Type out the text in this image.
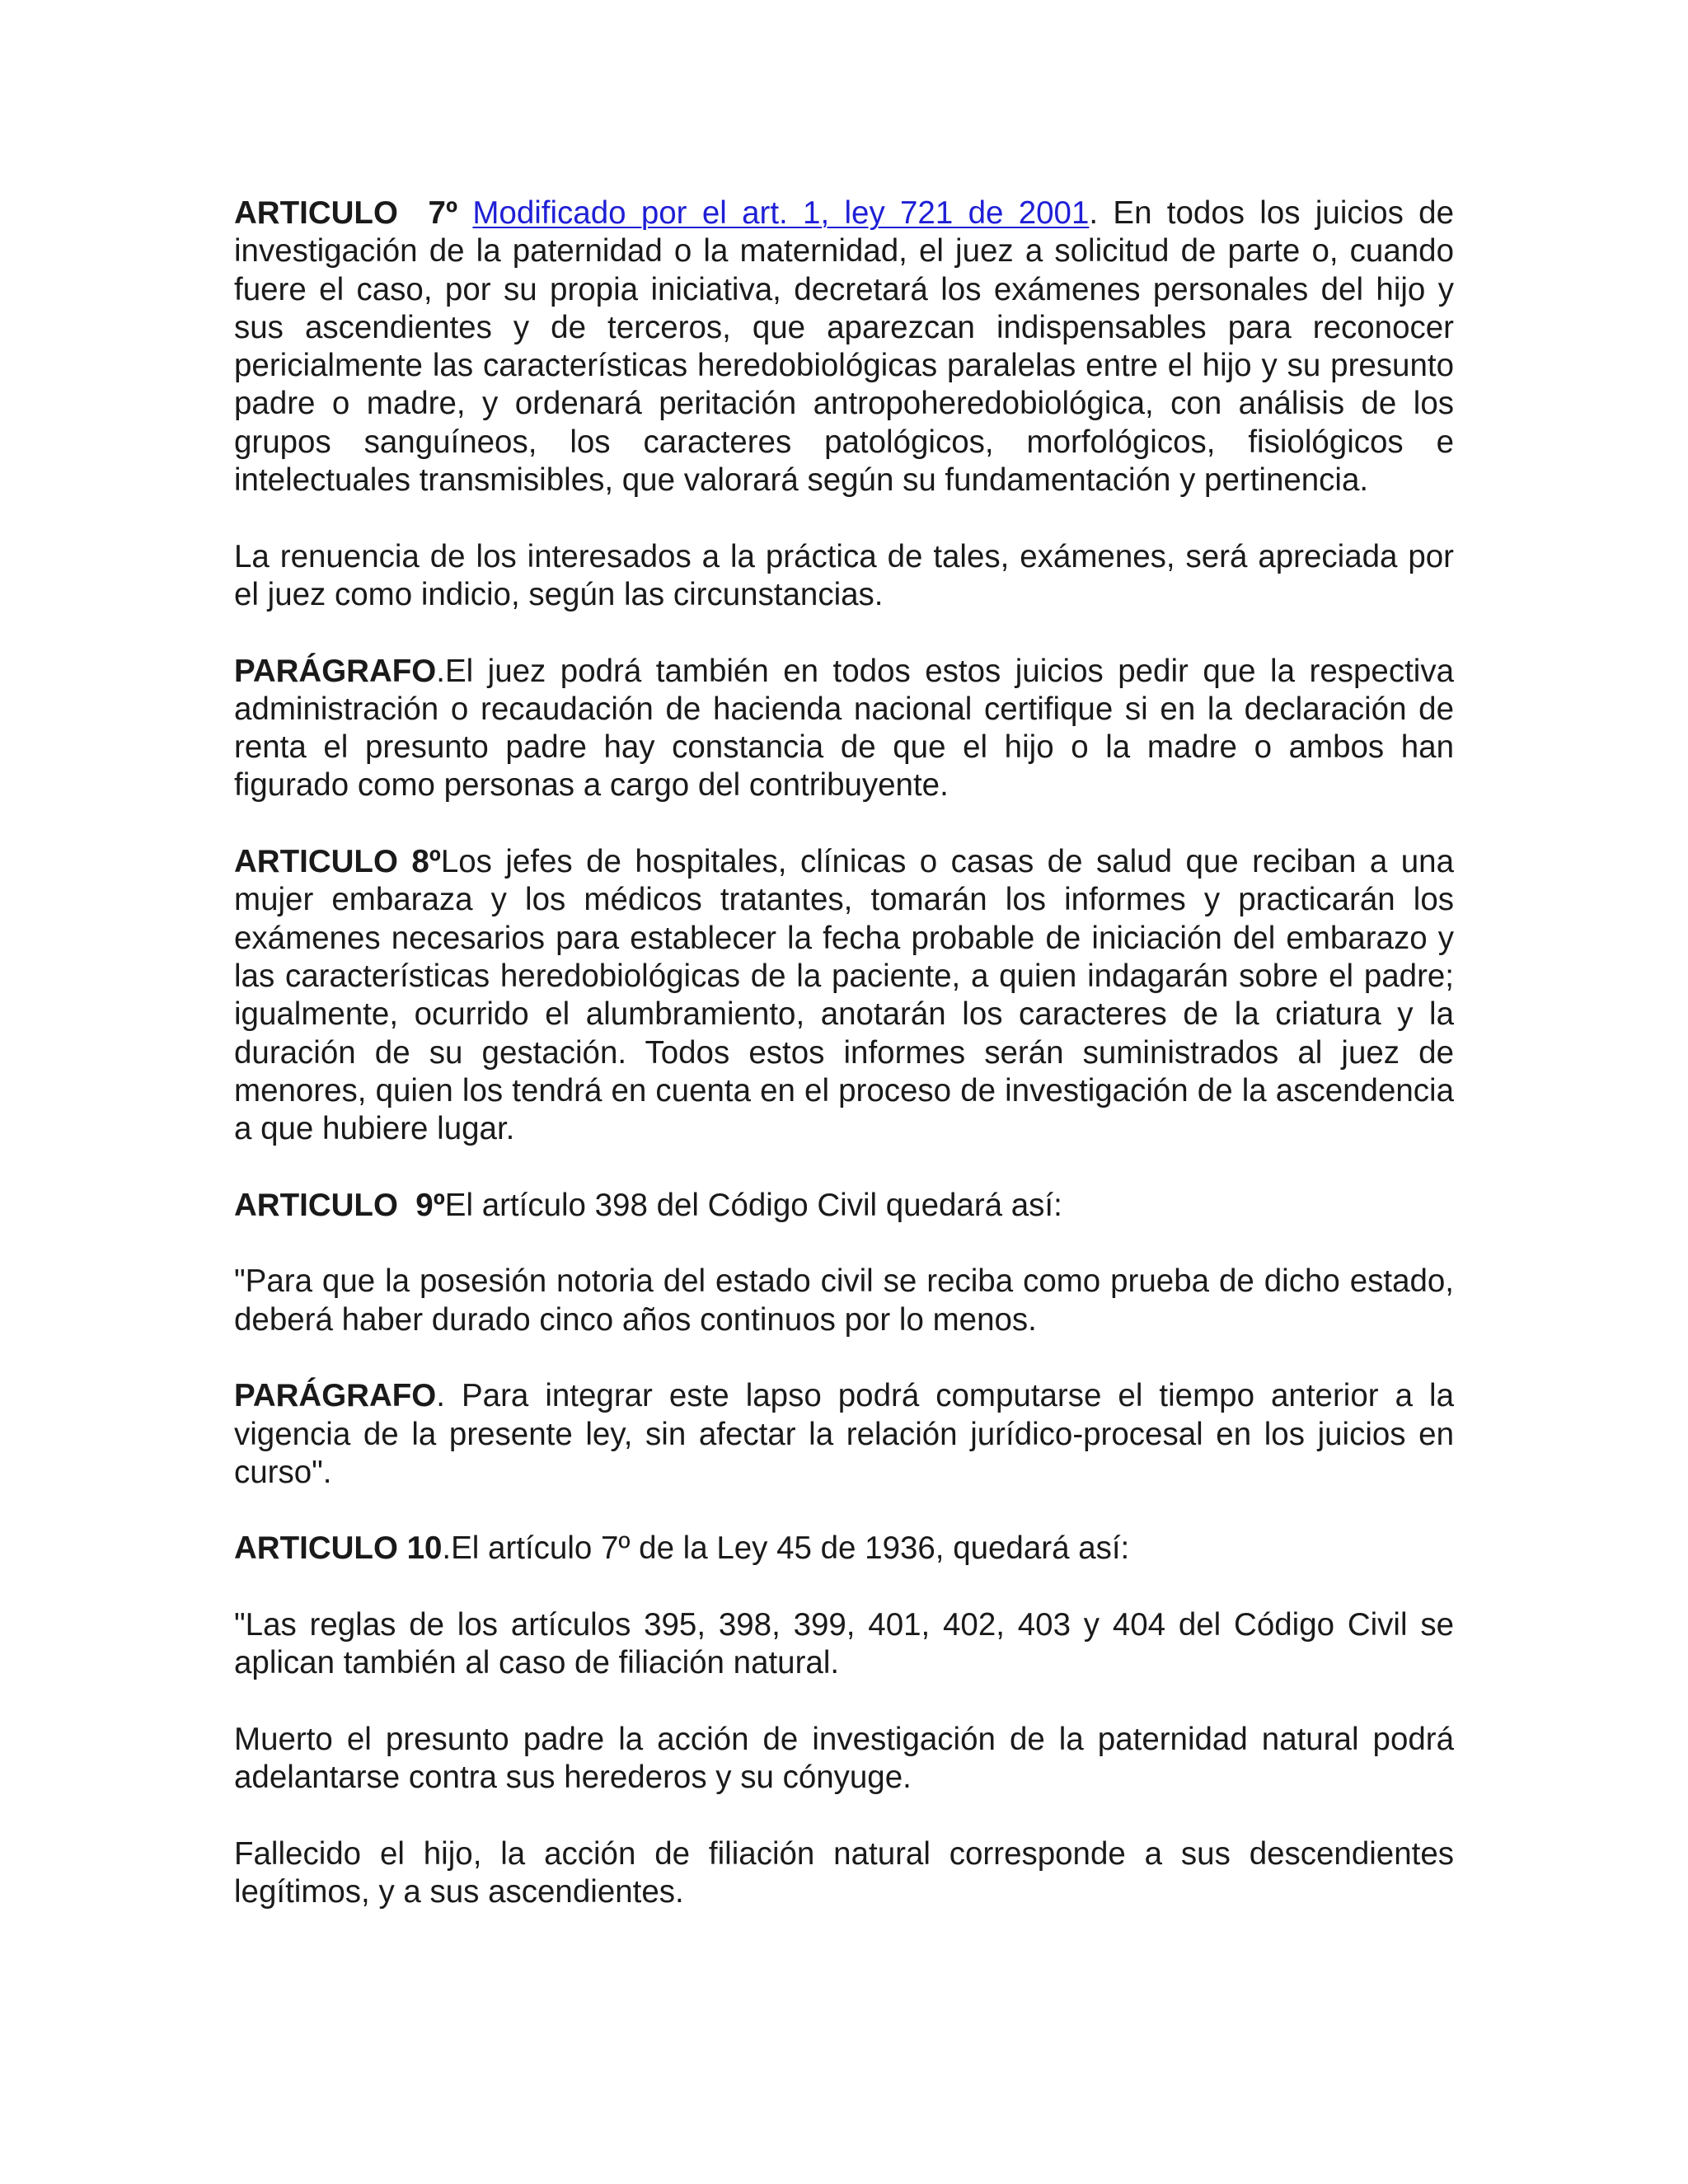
ARTICULO  7º Modificado por el art. 1, ley 721 de 2001. En todos los juicios de investigación de la paternidad o la maternidad, el juez a solicitud de parte o, cuando fuere el caso, por su propia iniciativa, decretará los exámenes personales del hijo y sus ascendientes y de terceros, que aparezcan indispensables para reconocer pericialmente las características heredobiológicas paralelas entre el hijo y su presunto padre o madre, y ordenará peritación antropoheredobiológica, con análisis de los grupos sanguíneos, los caracteres patológicos, morfológicos, fisiológicos e intelectuales transmisibles, que valorará según su fundamentación y pertinencia.

La renuencia de los interesados a la práctica de tales, exámenes, será apreciada por el juez como indicio, según las circunstancias.

PARÁGRAFO.El juez podrá también en todos estos juicios pedir que la respectiva administración o recaudación de hacienda nacional certifique si en la declaración de renta el presunto padre hay constancia de que el hijo o la madre o ambos han figurado como personas a cargo del contribuyente.

ARTICULO 8ºLos jefes de hospitales, clínicas o casas de salud que reciban a una mujer embaraza y los médicos tratantes, tomarán los informes y practicarán los exámenes necesarios para establecer la fecha probable de iniciación del embarazo y las características heredobiológicas de la paciente, a quien indagarán sobre el padre; igualmente, ocurrido el alumbramiento, anotarán los caracteres de la criatura y la duración de su gestación. Todos estos informes serán suministrados al juez de menores, quien los tendrá en cuenta en el proceso de investigación de la ascendencia a que hubiere lugar.

ARTICULO  9ºEl artículo 398 del Código Civil quedará así:

"Para que la posesión notoria del estado civil se reciba como prueba de dicho estado, deberá haber durado cinco años continuos por lo menos.

PARÁGRAFO. Para integrar este lapso podrá computarse el tiempo anterior a la vigencia de la presente ley, sin afectar la relación jurídico-procesal en los juicios en curso".

ARTICULO 10.El artículo 7º de la Ley 45 de 1936, quedará así:

"Las reglas de los artículos 395, 398, 399, 401, 402, 403 y 404 del Código Civil se aplican también al caso de filiación natural.

Muerto el presunto padre la acción de investigación de la paternidad natural podrá adelantarse contra sus herederos y su cónyuge.

Fallecido el hijo, la acción de filiación natural corresponde a sus descendientes legítimos, y a sus ascendientes.
